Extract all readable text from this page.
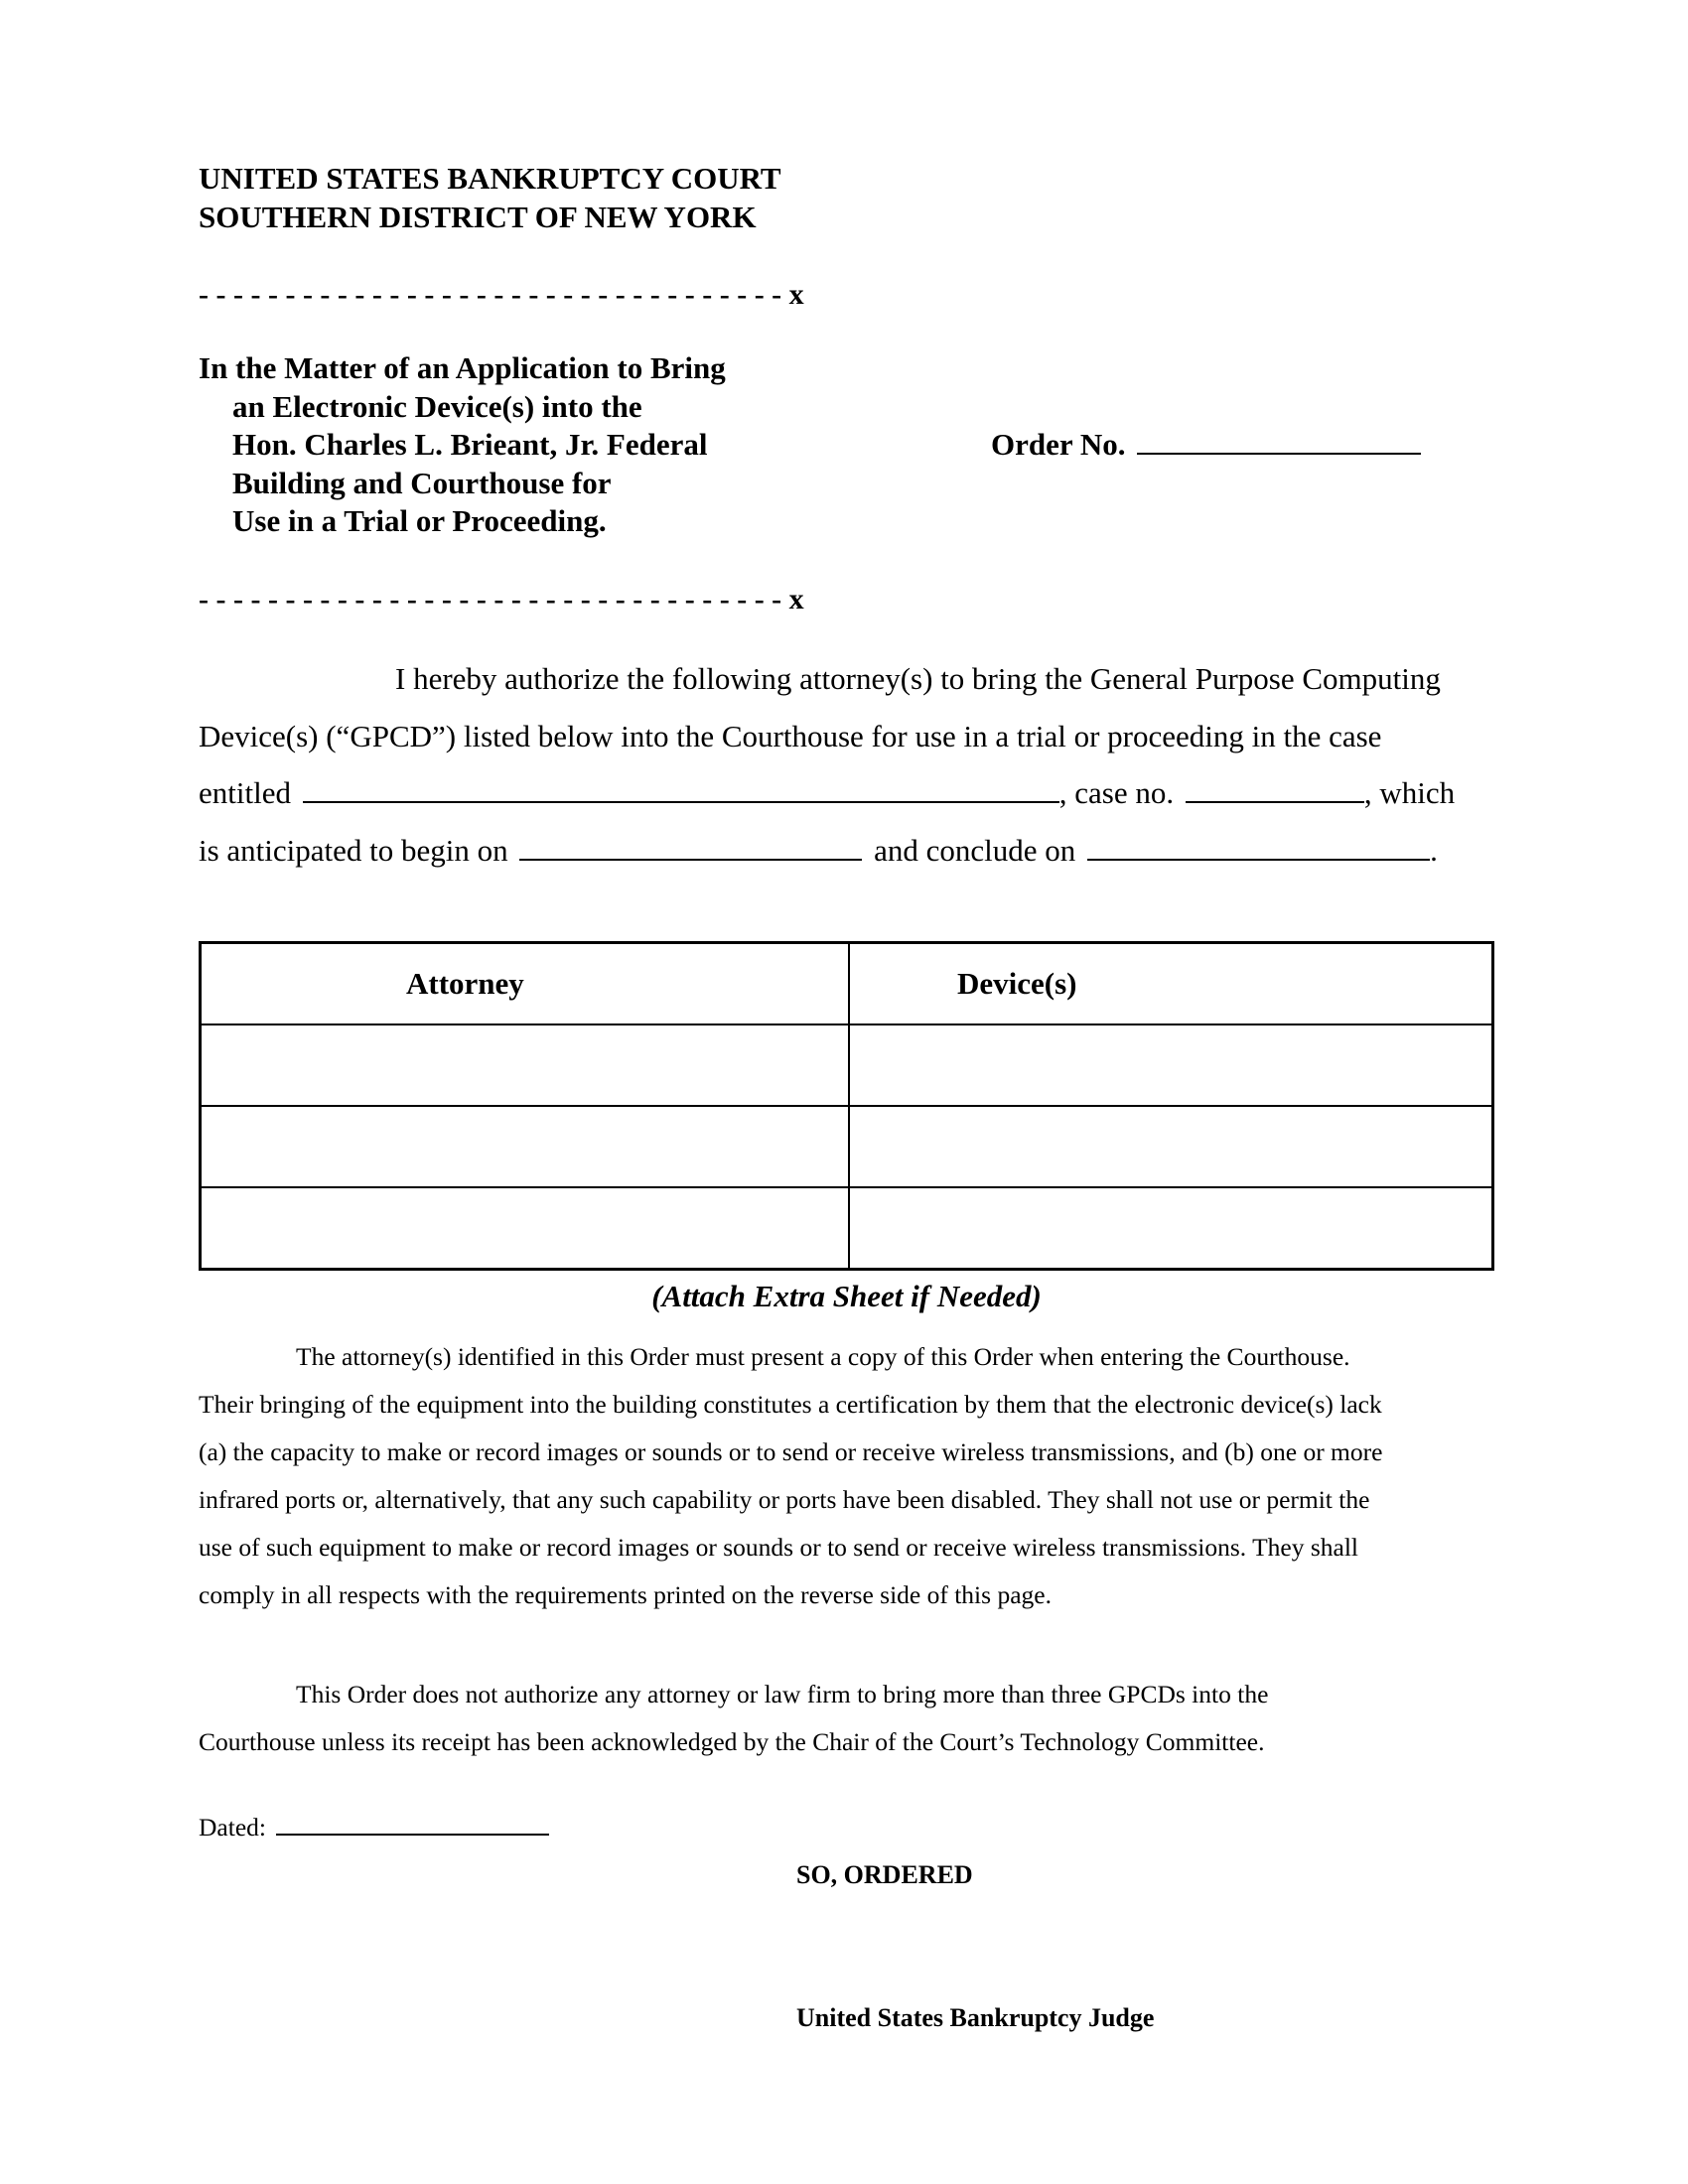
UNITED STATES BANKRUPTCY COURT
SOUTHERN DISTRICT OF NEW YORK
- - - - - - - - - - - - - - - - - - - - - - - - - - - - - - - - - - x
In the Matter of an Application to Bring
an Electronic Device(s) into the
Hon. Charles L. Brieant, Jr. Federal
Building and Courthouse for
Use in a Trial or Proceeding.
Order No.
- - - - - - - - - - - - - - - - - - - - - - - - - - - - - - - - - - x
I hereby authorize the following attorney(s) to bring the General Purpose Computing
Device(s) (“GPCD”) listed below into the Courthouse for use in a trial or proceeding in the case
entitled	, case no.	, which
is anticipated to begin on	and conclude on	.
Attorney	Device(s)

(Attach Extra Sheet if Needed)
The attorney(s) identified in this Order must present a copy of this Order when entering the Courthouse.
Their bringing of the equipment into the building constitutes a certification by them that the electronic device(s) lack
(a) the capacity to make or record images or sounds or to send or receive wireless transmissions, and (b) one or more
infrared ports or, alternatively, that any such capability or ports have been disabled. They shall not use or permit the
use of such equipment to make or record images or sounds or to send or receive wireless transmissions. They shall
comply in all respects with the requirements printed on the reverse side of this page.
This Order does not authorize any attorney or law firm to bring more than three GPCDs into the
Courthouse unless its receipt has been acknowledged by the Chair of the Court’s Technology Committee.
Dated:
SO, ORDERED
United States Bankruptcy Judge
